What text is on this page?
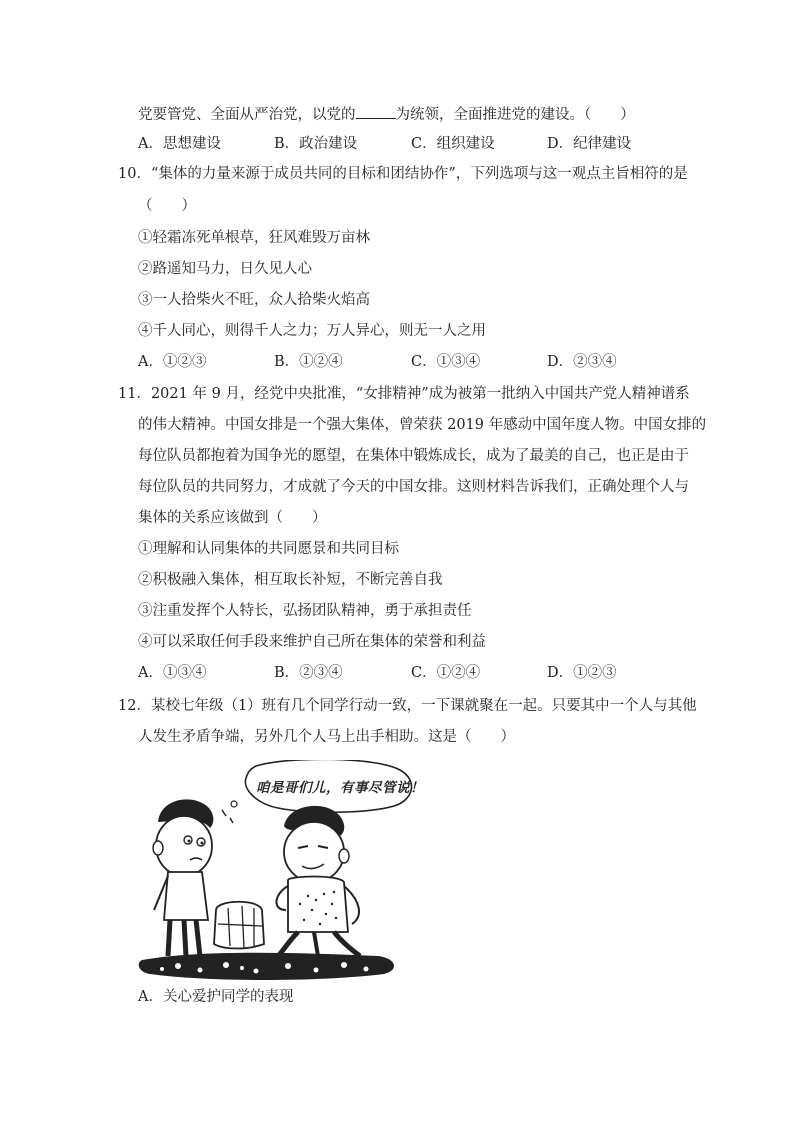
党要管党、全面从严治党，以党的	为统领，全面推进党的建设。（　　）
A．思想建设	B．政治建设	C．组织建设	D．纪律建设
10．“集体的力量来源于成员共同的目标和团结协作”，下列选项与这一观点主旨相符的是
（　　）
①轻霜冻死单根草，狂风难毁万亩林
②路遥知马力，日久见人心
③一人拾柴火不旺，众人拾柴火焰高
④千人同心，则得千人之力；万人异心，则无一人之用
A．①②③	B．①②④	C．①③④	D．②③④
11．2021 年 9 月，经党中央批准，“女排精神”成为被第一批纳入中国共产党人精神谱系
的伟大精神。中国女排是一个强大集体，曾荣获 2019 年感动中国年度人物。中国女排的
每位队员都抱着为国争光的愿望，在集体中锻炼成长，成为了最美的自己，也正是由于
每位队员的共同努力，才成就了今天的中国女排。这则材料告诉我们，正确处理个人与
集体的关系应该做到（　　）
①理解和认同集体的共同愿景和共同目标
②积极融入集体，相互取长补短，不断完善自我
③注重发挥个人特长，弘扬团队精神，勇于承担责任
④可以采取任何手段来维护自己所在集体的荣誉和利益
A．①③④	B．②③④	C．①②④	D．①②③
12．某校七年级（1）班有几个同学行动一致，一下课就聚在一起。只要其中一个人与其他
人发生矛盾争端，另外几个人马上出手相助。这是（　　）
咱是哥们儿，有事尽管说！
A．关心爱护同学的表现
